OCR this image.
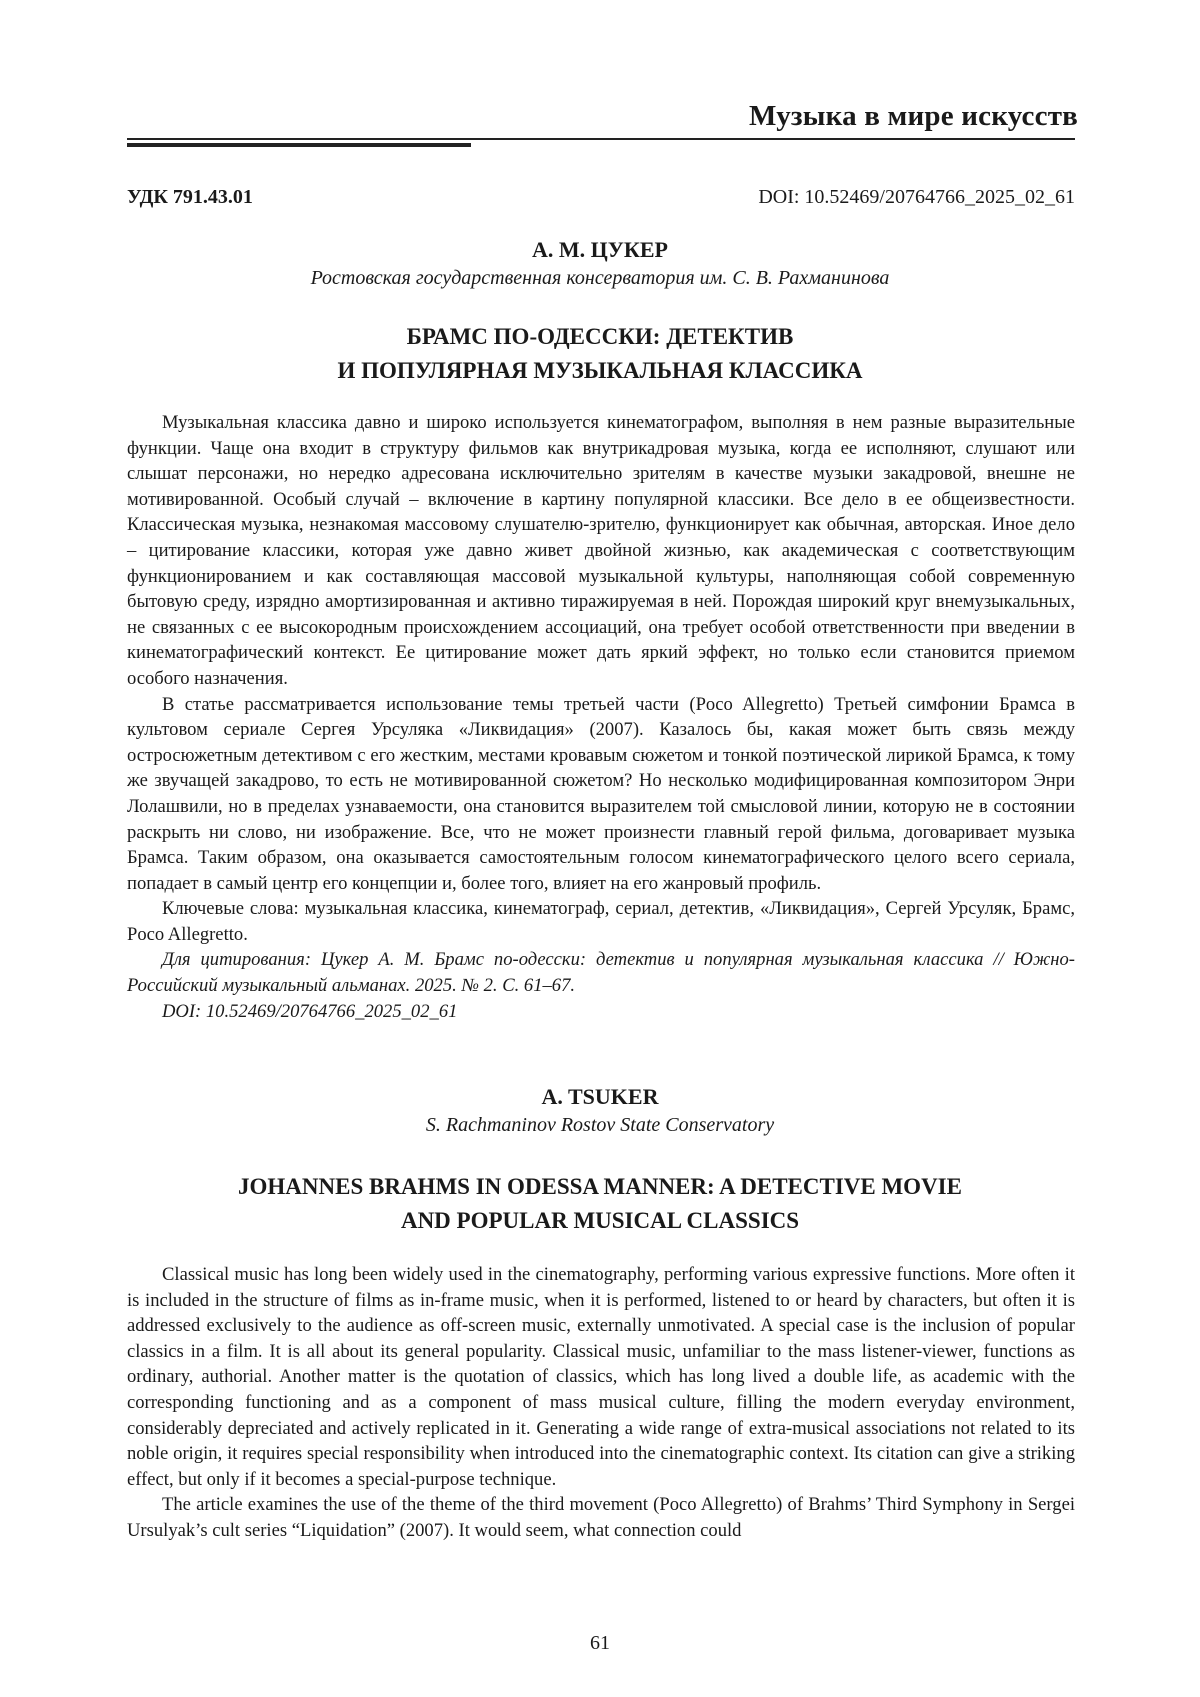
Музыка в мире искусств
УДК 791.43.01	DOI: 10.52469/20764766_2025_02_61
А. М. ЦУКЕР
Ростовская государственная консерватория им. С. В. Рахманинова
БРАМС ПО-ОДЕССКИ: ДЕТЕКТИВ
И ПОПУЛЯРНАЯ МУЗЫКАЛЬНАЯ КЛАССИКА

Музыкальная классика давно и широко используется кинематографом, выполняя в нем разные выразительные функции. Чаще она входит в структуру фильмов как внутрикадровая музыка, когда ее исполняют, слушают или слышат персонажи, но нередко адресована исключительно зрителям в качестве музыки закадровой, внешне не мотивированной. Особый случай – включение в картину популярной классики. Все дело в ее общеизвестности. Классическая музыка, незнакомая массовому слушателю-зрителю, функционирует как обычная, авторская. Иное дело – цитирование классики, которая уже давно живет двойной жизнью, как академическая с соответствующим функционированием и как составляющая массовой музыкальной культуры, наполняющая собой современную бытовую среду, изрядно амортизированная и активно тиражируемая в ней. Порождая широкий круг внемузыкальных, не связанных с ее высокородным происхождением ассоциаций, она требует особой ответственности при введении в кинематографический контекст. Ее цитирование может дать яркий эффект, но только если становится приемом особого назначения.

В статье рассматривается использование темы третьей части (Poco Allegretto) Третьей симфонии Брамса в культовом сериале Сергея Урсуляка «Ликвидация» (2007). Казалось бы, какая может быть связь между остросюжетным детективом с его жестким, местами кровавым сюжетом и тонкой поэтической лирикой Брамса, к тому же звучащей закадрово, то есть не мотивированной сюжетом? Но несколько модифицированная композитором Энри Лолашвили, но в пределах узнаваемости, она становится выразителем той смысловой линии, которую не в состоянии раскрыть ни слово, ни изображение. Все, что не может произнести главный герой фильма, договаривает музыка Брамса. Таким образом, она оказывается самостоятельным голосом кинематографического целого всего сериала, попадает в самый центр его концепции и, более того, влияет на его жанровый профиль.

Ключевые слова: музыкальная классика, кинематограф, сериал, детектив, «Ликвидация», Сергей Урсуляк, Брамс, Poco Allegretto.

Для цитирования: Цукер А. М. Брамс по-одесски: детектив и популярная музыкальная классика // Южно-Российский музыкальный альманах. 2025. № 2. С. 61–67.

DOI: 10.52469/20764766_2025_02_61

A. TSUKER
S. Rachmaninov Rostov State Conservatory
JOHANNES BRAHMS IN ODESSA MANNER: A DETECTIVE MOVIE
AND POPULAR MUSICAL CLASSICS

Classical music has long been widely used in the cinematography, performing various expressive functions. More often it is included in the structure of films as in-frame music, when it is performed, listened to or heard by characters, but often it is addressed exclusively to the audience as off-screen music, externally unmotivated. A special case is the inclusion of popular classics in a film. It is all about its general popularity. Classical music, unfamiliar to the mass listener-viewer, functions as ordinary, authorial. Another matter is the quotation of classics, which has long lived a double life, as academic with the corresponding functioning and as a component of mass musical culture, filling the modern everyday environment, considerably depreciated and actively replicated in it. Generating a wide range of extra-musical associations not related to its noble origin, it requires special responsibility when introduced into the cinematographic context. Its citation can give a striking effect, but only if it becomes a special-purpose technique.

The article examines the use of the theme of the third movement (Poco Allegretto) of Brahms’ Third Symphony in Sergei Ursulyak’s cult series “Liquidation” (2007). It would seem, what connection could

61
